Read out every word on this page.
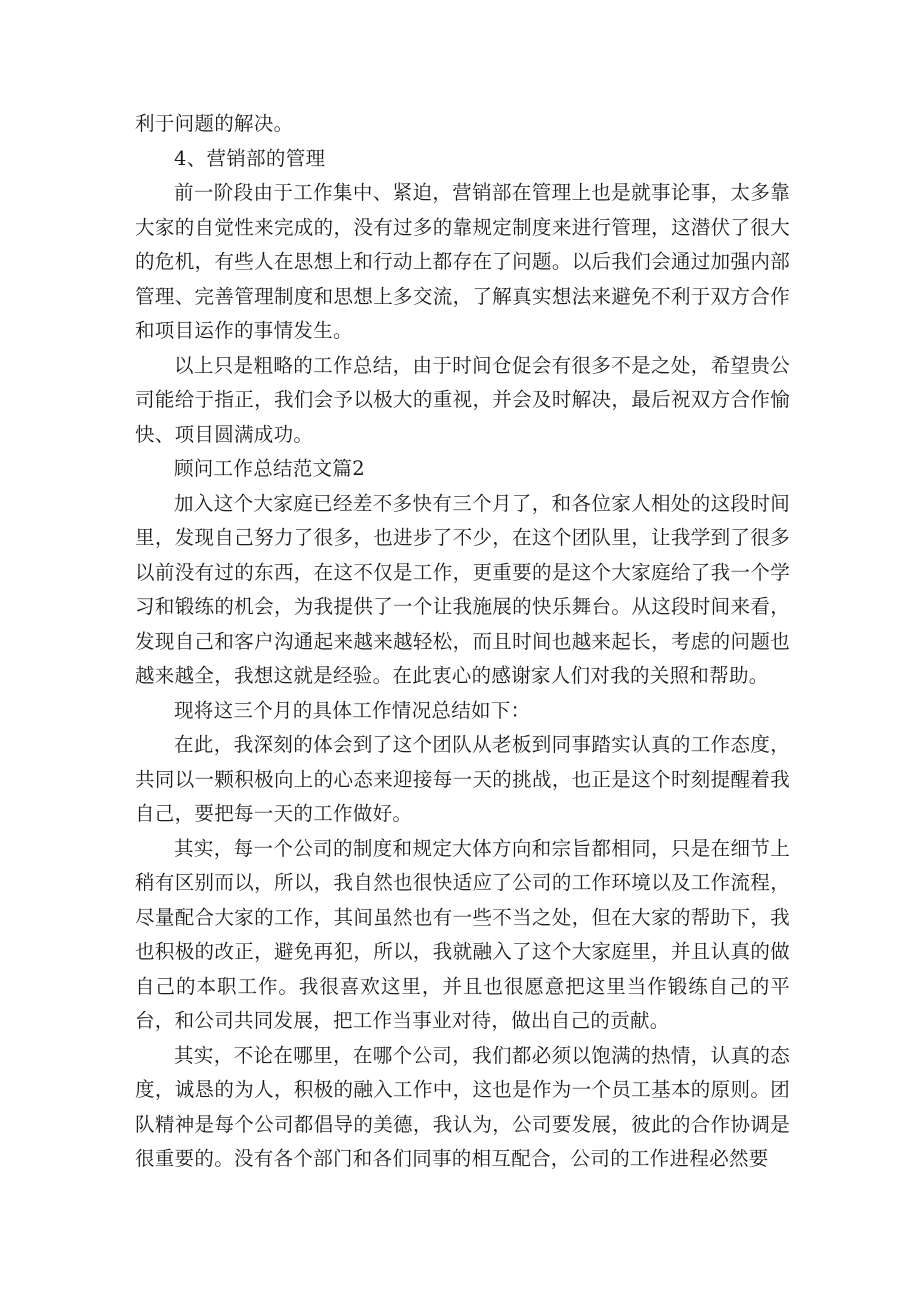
利于问题的解决。

4、营销部的管理

前一阶段由于工作集中、紧迫，营销部在管理上也是就事论事，太多靠大家的自觉性来完成的，没有过多的靠规定制度来进行管理，这潜伏了很大的危机，有些人在思想上和行动上都存在了问题。以后我们会通过加强内部管理、完善管理制度和思想上多交流，了解真实想法来避免不利于双方合作和项目运作的事情发生。

以上只是粗略的工作总结，由于时间仓促会有很多不是之处，希望贵公司能给于指正，我们会予以极大的重视，并会及时解决，最后祝双方合作愉快、项目圆满成功。

顾问工作总结范文篇2

加入这个大家庭已经差不多快有三个月了，和各位家人相处的这段时间里，发现自己努力了很多，也进步了不少，在这个团队里，让我学到了很多以前没有过的东西，在这不仅是工作，更重要的是这个大家庭给了我一个学习和锻练的机会，为我提供了一个让我施展的快乐舞台。从这段时间来看，发现自己和客户沟通起来越来越轻松，而且时间也越来起长，考虑的问题也越来越全，我想这就是经验。在此衷心的感谢家人们对我的关照和帮助。

现将这三个月的具体工作情况总结如下：

在此，我深刻的体会到了这个团队从老板到同事踏实认真的工作态度，共同以一颗积极向上的心态来迎接每一天的挑战，也正是这个时刻提醒着我自己，要把每一天的工作做好。

其实，每一个公司的制度和规定大体方向和宗旨都相同，只是在细节上稍有区别而以，所以，我自然也很快适应了公司的工作环境以及工作流程，尽量配合大家的工作，其间虽然也有一些不当之处，但在大家的帮助下，我也积极的改正，避免再犯，所以，我就融入了这个大家庭里，并且认真的做自己的本职工作。我很喜欢这里，并且也很愿意把这里当作锻练自己的平台，和公司共同发展，把工作当事业对待，做出自己的贡献。

其实，不论在哪里，在哪个公司，我们都必须以饱满的热情，认真的态度，诚恳的为人，积极的融入工作中，这也是作为一个员工基本的原则。团队精神是每个公司都倡导的美德，我认为，公司要发展，彼此的合作协调是很重要的。没有各个部门和各们同事的相互配合，公司的工作进程必然要
